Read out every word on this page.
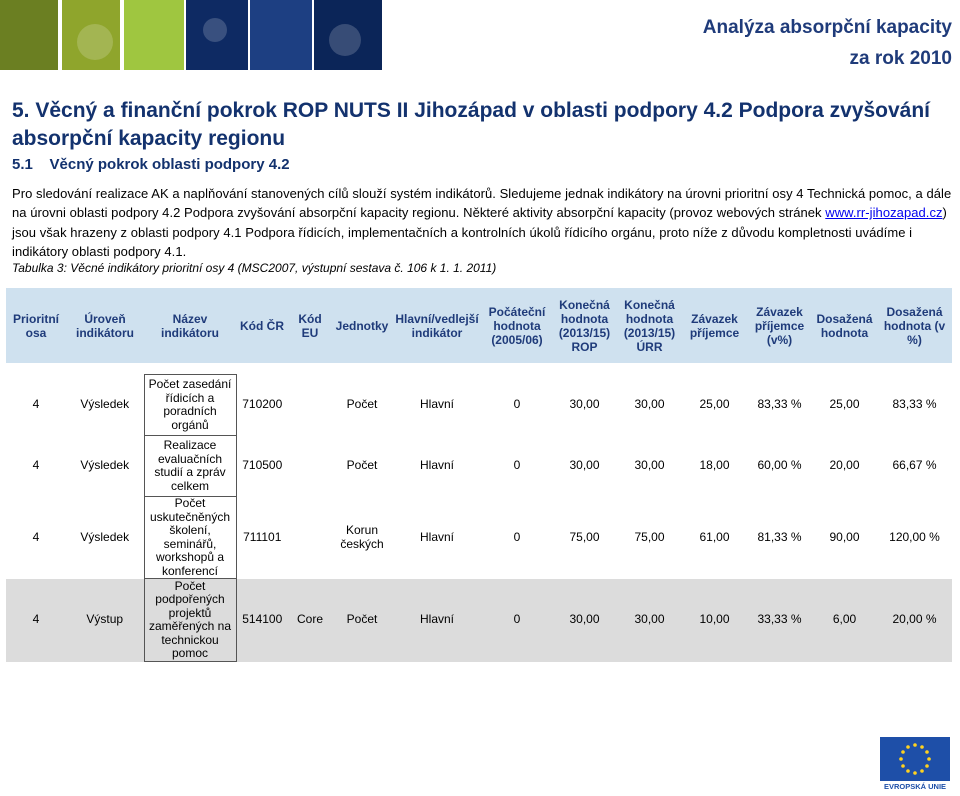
Analýza absorpční kapacity
za rok 2010
5. Věcný a finanční pokrok ROP NUTS II Jihozápad v oblasti podpory 4.2 Podpora zvyšování absorpční kapacity regionu
5.1    Věcný pokrok oblasti podpory 4.2
Pro sledování realizace AK a naplňování stanovených cílů slouží systém indikátorů. Sledujeme jednak indikátory na úrovni prioritní osy 4 Technická pomoc, a dále na úrovni oblasti podpory 4.2 Podpora zvyšování absorpční kapacity regionu. Některé aktivity absorpční kapacity (provoz webových stránek www.rr-jihozapad.cz) jsou však hrazeny z oblasti podpory 4.1 Podpora řídicích, implementačních a kontrolních úkolů řídicího orgánu, proto níže z důvodu kompletnosti uvádíme i indikátory oblasti podpory 4.1.
Tabulka 3: Věcné indikátory prioritní osy 4 (MSC2007, výstupní sestava č. 106 k 1. 1. 2011)
Prioritní osa	Úroveň indikátoru	Název indikátoru	Kód ČR	Kód EU	Jednotky	Hlavní/vedlejší indikátor	Počáteční hodnota (2005/06)	Konečná hodnota (2013/15) ROP	Konečná hodnota (2013/15) ÚRR	Závazek příjemce	Závazek příjemce (v%)	Dosažená hodnota	Dosažená hodnota (v %)

4	Výsledek	Počet zasedání řídicích a poradních orgánů	710200		Počet	Hlavní	0	30,00	30,00	25,00	83,33 %	25,00	83,33 %
4	Výsledek	Realizace evaluačních studií a zpráv celkem	710500		Počet	Hlavní	0	30,00	30,00	18,00	60,00 %	20,00	66,67 %
4	Výsledek	Počet uskutečněných školení, seminářů, workshopů a konferencí	711101		Korun českých	Hlavní	0	75,00	75,00	61,00	81,33 %	90,00	120,00 %
4	Výstup	Počet podpořených projektů zaměřených na technickou pomoc	514100	Core	Počet	Hlavní	0	30,00	30,00	10,00	33,33 %	6,00	20,00 %
EVROPSKÁ UNIE
